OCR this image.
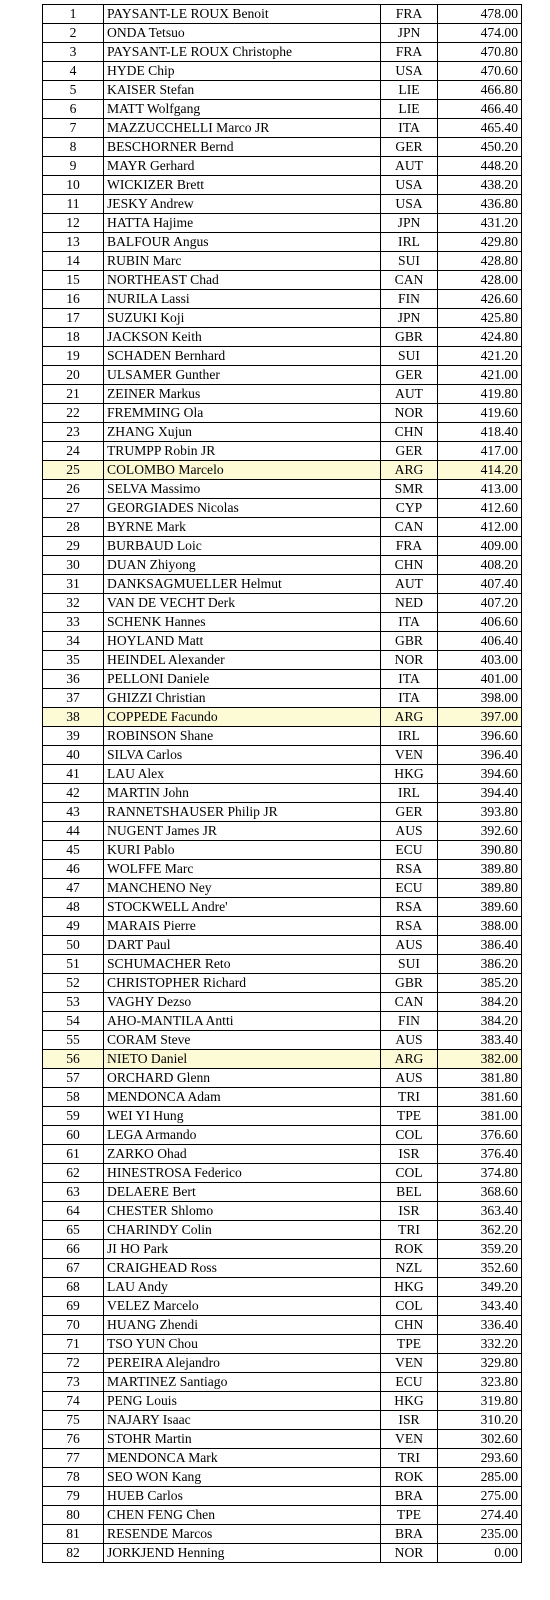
1	PAYSANT-LE ROUX Benoit	FRA	478.00
2	ONDA Tetsuo	JPN	474.00
3	PAYSANT-LE ROUX Christophe	FRA	470.80
4	HYDE Chip	USA	470.60
5	KAISER Stefan	LIE	466.80
6	MATT Wolfgang	LIE	466.40
7	MAZZUCCHELLI Marco JR	ITA	465.40
8	BESCHORNER Bernd	GER	450.20
9	MAYR Gerhard	AUT	448.20
10	WICKIZER Brett	USA	438.20
11	JESKY Andrew	USA	436.80
12	HATTA Hajime	JPN	431.20
13	BALFOUR Angus	IRL	429.80
14	RUBIN Marc	SUI	428.80
15	NORTHEAST Chad	CAN	428.00
16	NURILA Lassi	FIN	426.60
17	SUZUKI Koji	JPN	425.80
18	JACKSON Keith	GBR	424.80
19	SCHADEN Bernhard	SUI	421.20
20	ULSAMER Gunther	GER	421.00
21	ZEINER Markus	AUT	419.80
22	FREMMING Ola	NOR	419.60
23	ZHANG Xujun	CHN	418.40
24	TRUMPP Robin JR	GER	417.00
25	COLOMBO Marcelo	ARG	414.20
26	SELVA Massimo	SMR	413.00
27	GEORGIADES Nicolas	CYP	412.60
28	BYRNE Mark	CAN	412.00
29	BURBAUD Loic	FRA	409.00
30	DUAN Zhiyong	CHN	408.20
31	DANKSAGMUELLER Helmut	AUT	407.40
32	VAN DE VECHT Derk	NED	407.20
33	SCHENK Hannes	ITA	406.60
34	HOYLAND Matt	GBR	406.40
35	HEINDEL Alexander	NOR	403.00
36	PELLONI Daniele	ITA	401.00
37	GHIZZI Christian	ITA	398.00
38	COPPEDE Facundo	ARG	397.00
39	ROBINSON Shane	IRL	396.60
40	SILVA Carlos	VEN	396.40
41	LAU Alex	HKG	394.60
42	MARTIN John	IRL	394.40
43	RANNETSHAUSER Philip JR	GER	393.80
44	NUGENT James JR	AUS	392.60
45	KURI Pablo	ECU	390.80
46	WOLFFE Marc	RSA	389.80
47	MANCHENO Ney	ECU	389.80
48	STOCKWELL Andre'	RSA	389.60
49	MARAIS Pierre	RSA	388.00
50	DART Paul	AUS	386.40
51	SCHUMACHER Reto	SUI	386.20
52	CHRISTOPHER Richard	GBR	385.20
53	VAGHY Dezso	CAN	384.20
54	AHO-MANTILA Antti	FIN	384.20
55	CORAM Steve	AUS	383.40
56	NIETO Daniel	ARG	382.00
57	ORCHARD Glenn	AUS	381.80
58	MENDONCA Adam	TRI	381.60
59	WEI YI Hung	TPE	381.00
60	LEGA Armando	COL	376.60
61	ZARKO Ohad	ISR	376.40
62	HINESTROSA Federico	COL	374.80
63	DELAERE Bert	BEL	368.60
64	CHESTER Shlomo	ISR	363.40
65	CHARINDY Colin	TRI	362.20
66	JI HO Park	ROK	359.20
67	CRAIGHEAD Ross	NZL	352.60
68	LAU Andy	HKG	349.20
69	VELEZ Marcelo	COL	343.40
70	HUANG Zhendi	CHN	336.40
71	TSO YUN Chou	TPE	332.20
72	PEREIRA Alejandro	VEN	329.80
73	MARTINEZ Santiago	ECU	323.80
74	PENG Louis	HKG	319.80
75	NAJARY Isaac	ISR	310.20
76	STOHR Martin	VEN	302.60
77	MENDONCA Mark	TRI	293.60
78	SEO WON Kang	ROK	285.00
79	HUEB Carlos	BRA	275.00
80	CHEN FENG Chen	TPE	274.40
81	RESENDE Marcos	BRA	235.00
82	JORKJEND Henning	NOR	0.00
